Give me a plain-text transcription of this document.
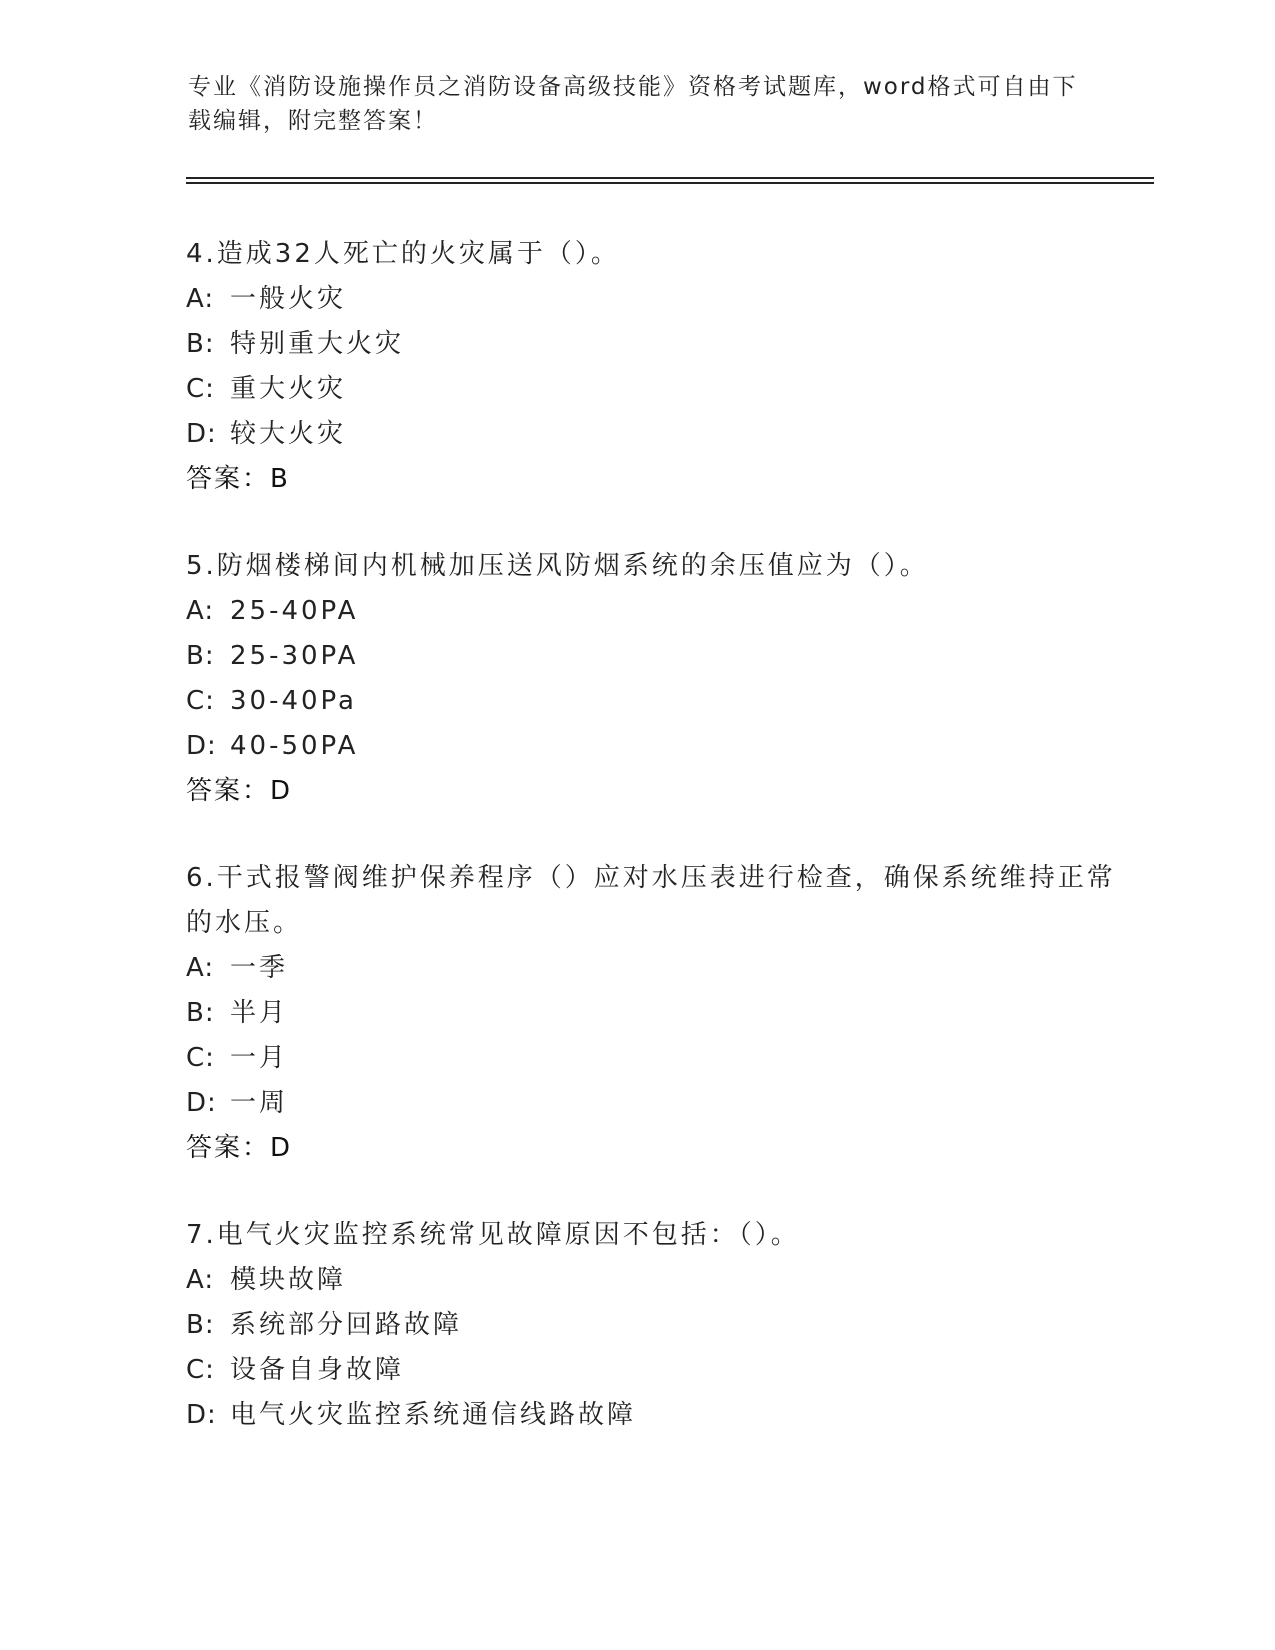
专业《消防设施操作员之消防设备高级技能》资格考试题库，word格式可自由下载编辑，附完整答案！
4.造成32人死亡的火灾属于（）。
A: 一般火灾
B: 特别重大火灾
C: 重大火灾
D: 较大火灾
答案：B
5.防烟楼梯间内机械加压送风防烟系统的余压值应为（）。
A: 25-40PA
B: 25-30PA
C: 30-40Pa
D: 40-50PA
答案：D
6.干式报警阀维护保养程序（）应对水压表进行检查，确保系统维持正常的水压。
A: 一季
B: 半月
C: 一月
D: 一周
答案：D
7.电气火灾监控系统常见故障原因不包括：（）。
A: 模块故障
B: 系统部分回路故障
C: 设备自身故障
D: 电气火灾监控系统通信线路故障
